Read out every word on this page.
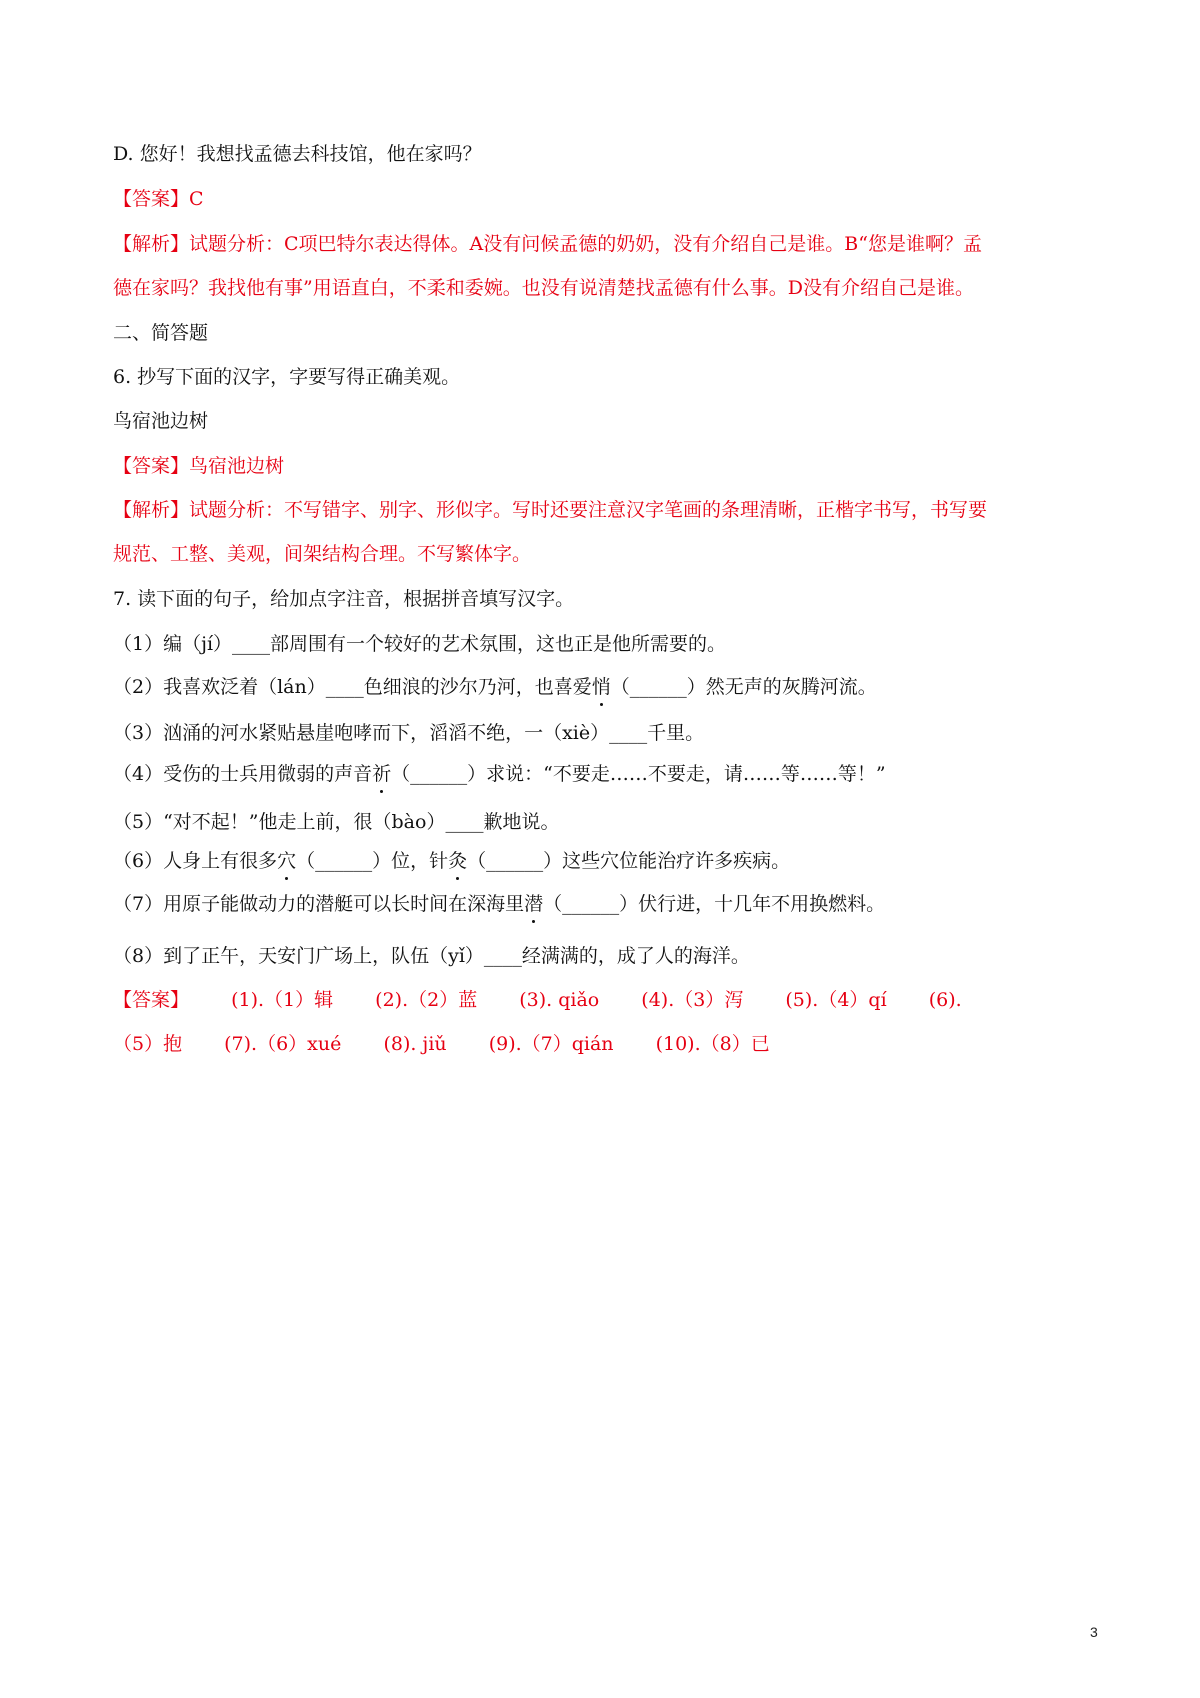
D. 您好！我想找孟德去科技馆，他在家吗？
【答案】C
【解析】试题分析：C项巴特尔表达得体。A没有问候孟德的奶奶，没有介绍自己是谁。B“您是谁啊？孟
德在家吗？我找他有事”用语直白，不柔和委婉。也没有说清楚找孟德有什么事。D没有介绍自己是谁。
二、简答题
6. 抄写下面的汉字，字要写得正确美观。
鸟宿池边树
【答案】鸟宿池边树
【解析】试题分析：不写错字、别字、形似字。写时还要注意汉字笔画的条理清晰，正楷字书写，书写要
规范、工整、美观，间架结构合理。不写繁体字。
7. 读下面的句子，给加点字注音，根据拼音填写汉字。
（1）编（jí）____部周围有一个较好的艺术氛围，这也正是他所需要的。
（2）我喜欢泛着（lán）____色细浪的沙尔乃河，也喜爱悄（______）然无声的灰腾河流。
（3）汹涌的河水紧贴悬崖咆哮而下，滔滔不绝，一（xiè）____千里。
（4）受伤的士兵用微弱的声音祈（______）求说：“不要走……不要走，请……等……等！”
（5）“对不起！”他走上前，很（bào）____歉地说。
（6）人身上有很多穴（______）位，针灸（______）这些穴位能治疗许多疾病。
（7）用原子能做动力的潜艇可以长时间在深海里潜（______）伏行进，十几年不用换燃料。
（8）到了正午，天安门广场上，队伍（yǐ）____经满满的，成了人的海洋。
【答案】 (1).（1）辑 (2).（2）蓝 (3). qiǎo (4).（3）泻 (5).（4）qí (6).
（5）抱 (7).（6）xué (8). jiǔ (9).（7）qián (10).（8）已
3
